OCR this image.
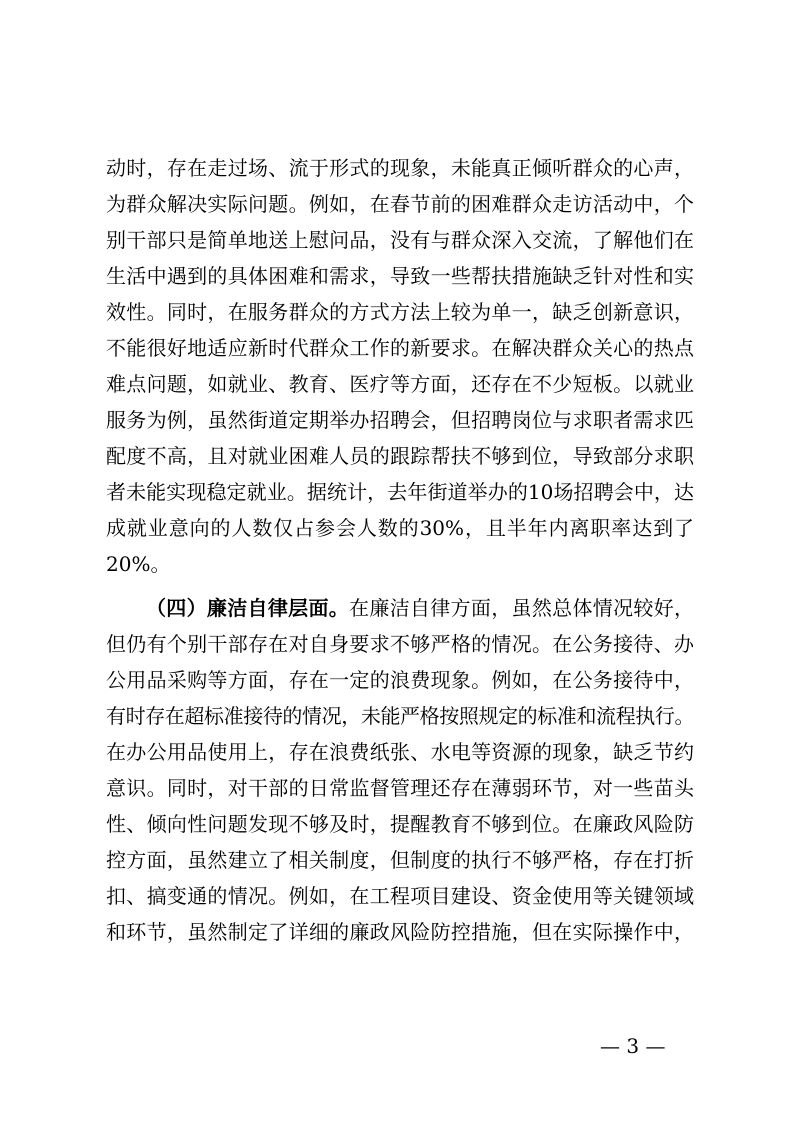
动时，存在走过场、流于形式的现象，未能真正倾听群众的心声，
为群众解决实际问题。例如，在春节前的困难群众走访活动中，个
别干部只是简单地送上慰问品，没有与群众深入交流，了解他们在
生活中遇到的具体困难和需求，导致一些帮扶措施缺乏针对性和实
效性。同时，在服务群众的方式方法上较为单一，缺乏创新意识，
不能很好地适应新时代群众工作的新要求。在解决群众关心的热点
难点问题，如就业、教育、医疗等方面，还存在不少短板。以就业
服务为例，虽然街道定期举办招聘会，但招聘岗位与求职者需求匹
配度不高，且对就业困难人员的跟踪帮扶不够到位，导致部分求职
者未能实现稳定就业。据统计，去年街道举办的10场招聘会中，达
成就业意向的人数仅占参会人数的30%，且半年内离职率达到了
20%。
（四）廉洁自律层面。在廉洁自律方面，虽然总体情况较好，
但仍有个别干部存在对自身要求不够严格的情况。在公务接待、办
公用品采购等方面，存在一定的浪费现象。例如，在公务接待中，
有时存在超标准接待的情况，未能严格按照规定的标准和流程执行。
在办公用品使用上，存在浪费纸张、水电等资源的现象，缺乏节约
意识。同时，对干部的日常监督管理还存在薄弱环节，对一些苗头
性、倾向性问题发现不够及时，提醒教育不够到位。在廉政风险防
控方面，虽然建立了相关制度，但制度的执行不够严格，存在打折
扣、搞变通的情况。例如，在工程项目建设、资金使用等关键领域
和环节，虽然制定了详细的廉政风险防控措施，但在实际操作中，
— 3 —
